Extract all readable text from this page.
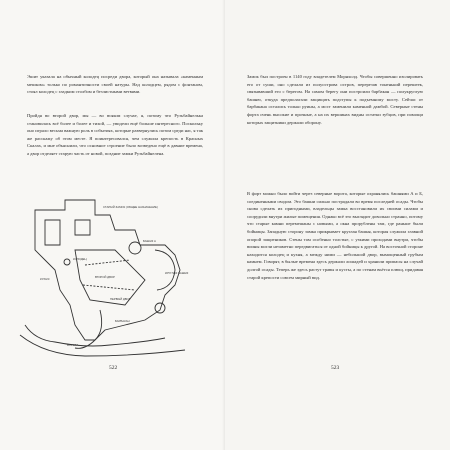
Эшит указала на обычный колодец посреди двора, который она называла «каменным мешком» только по романтичности своей натуры. Над колодцем, рядом с фонтаном, стоял колодец с гладким столбом и безлистными ветвями.

Пройдя во второй двор, мы — во всяком случае, я, потому что Рузьбайнелька становилась всё более и более и тихой, — увидели ещё больше интересного. Поскольку оно играло весьма важную роль в событиях, которые развернулись потом среди нас, я так же расскажу об этом месте. Я поинтересовался, чем служила крепость в Красных Скалах, и мне объяснили, что основное строение было возведено ещё в давние времена, а двор отделяет старую часть от новой, поздние замки Рузьбайнелена.

СТАРЫЙ ЗАМОК (ОБЩЕЕ НАЗНАЧЕНИЕ)
КОЛОДЕЦ
КУХНЯ
БАШНЯ А
ВТОРОЙ ДВОР
БАРБАКАН
ВОРОТА
ПЕРВЫЙ ДВОР
КРУГЛАЯ БАШНЯ
522

Замок был построен в 1140 году владетелем Морнхолд. Чтобы совершенно изолировать его от суши, оно сделали из полуострова остров, перерезав тоненький перешеек, связывавший его с берегом. На самом берегу они построили барбакан — полукруглую башню, откуда предполагали защищать подступы к подъемному мосту. Сейчас от барбакана остались только руины, а мост заменили каменной дамбой. Северные стены форта очень высокие и прочные, а на их вершинах видны остатки зубцов, при помощи которых защитники держали оборону.

В форт можно было войти через северные ворота, которые охранялись башнями А и Б, соединенными сводом. Это башни сильно пострадали во время последней осады. Чтобы снова сделать их пригодными, владельцы замка восстановили их своими силами и соорудили внутри жилые помещения. Однако всё это выглядит довольно странно, потому что старые камни перемешаны с новыми, а окна прорублены там, где раньше были бойницы. Западную сторону замка прикрывает круглая башня, которая служила главной опорой защитников. Стены там особенно толстые, с узкими проходами внутри, чтобы воины могли незаметно передвигаться от одной бойницы к другой. На восточной стороне находится колодец и кухня, а между ними — небольшой двор, вымощенный грубым камнем. Говорят, в былые времена здесь держали лошадей и хранили припасы на случай долгой осады. Теперь же здесь растут травы и кусты, а по стенам вьётся плющ, придавая старой крепости совсем мирный вид.

523
